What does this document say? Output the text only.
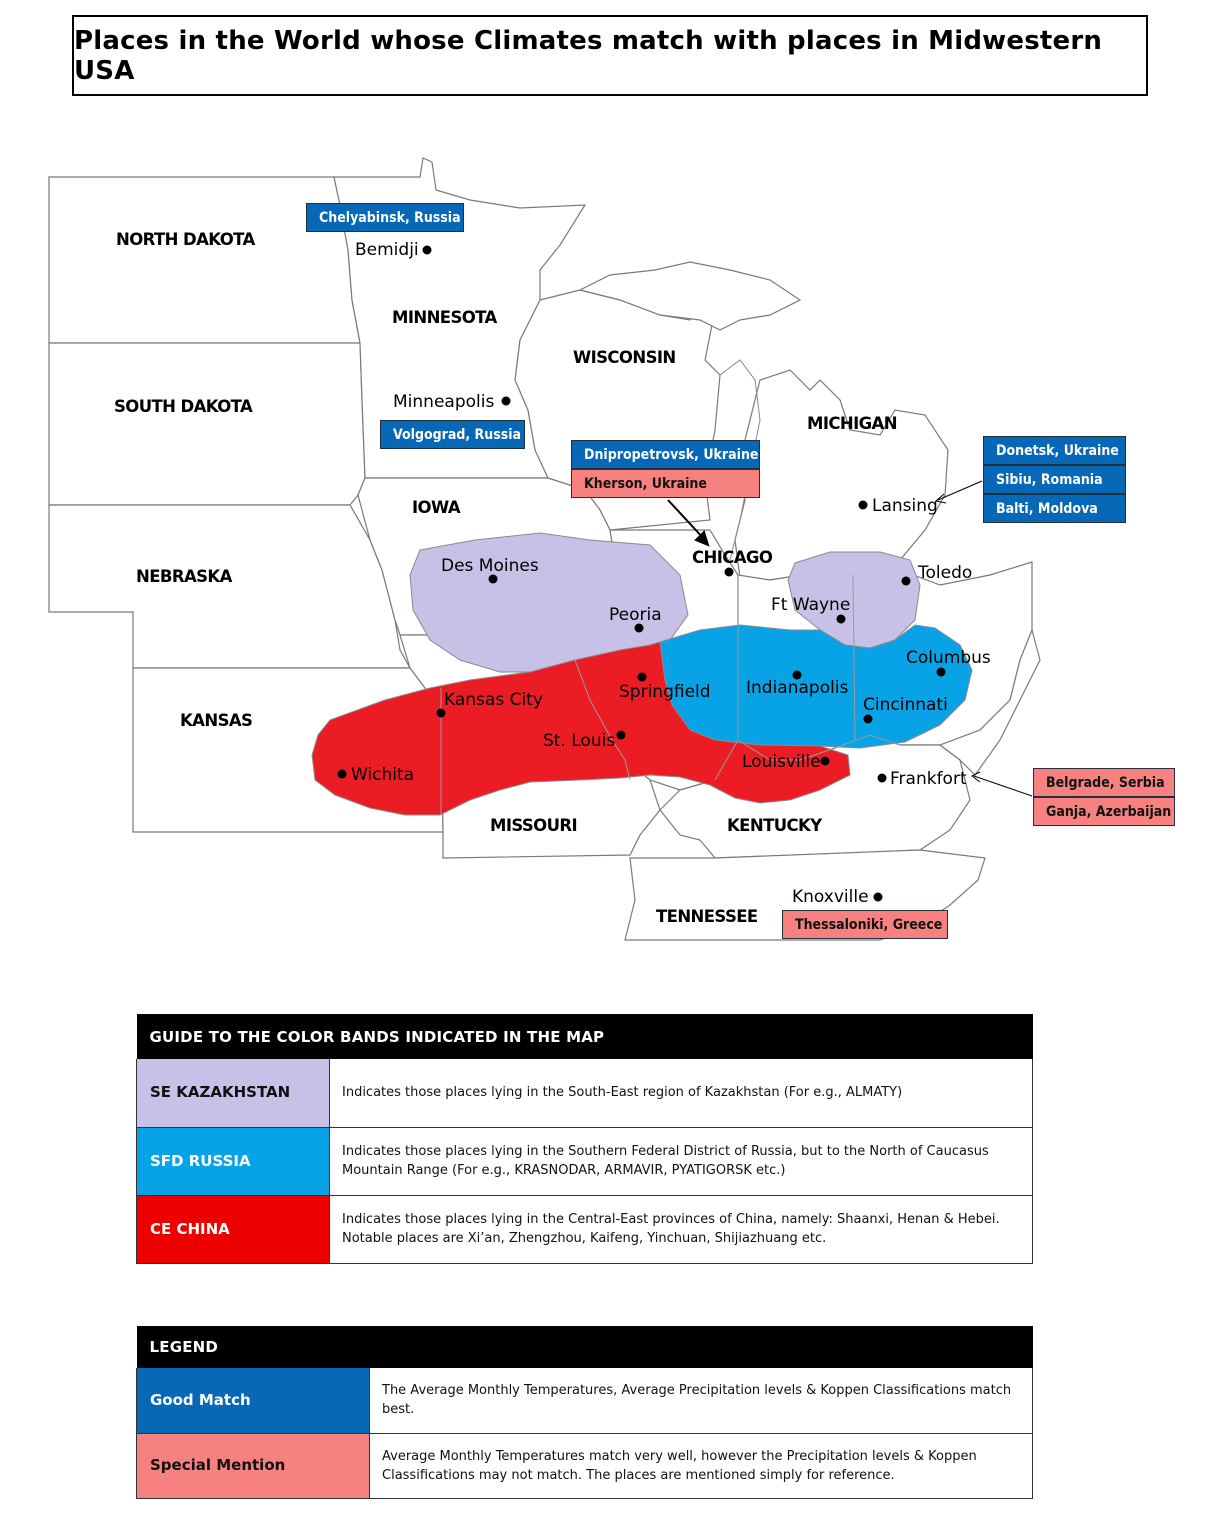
Places in the World whose Climates match with places in Midwestern USA
NORTH DAKOTA
SOUTH DAKOTA
NEBRASKA
KANSAS
MINNESOTA
IOWA
MISSOURI
WISCONSIN
MICHIGAN
KENTUCKY
TENNESSEE
Bemidji
Minneapolis
Des Moines
Peoria
CHICAGO
Lansing
Toledo
Ft Wayne
Columbus
Indianapolis
Springfield
Kansas City
St. Louis
Cincinnati
Wichita
Louisville
Frankfort
Knoxville
Chelyabinsk, Russia
Volgograd, Russia
Dnipropetrovsk, Ukraine
Kherson, Ukraine
Donetsk, Ukraine
Sibiu, Romania
Balti, Moldova
Belgrade, Serbia
Ganja, Azerbaijan
Thessaloniki, Greece
GUIDE TO THE COLOR BANDS INDICATED IN THE MAP	
SE KAZAKHSTAN	Indicates those places lying in the South-East region of Kazakhstan (For e.g., ALMATY)
SFD RUSSIA	Indicates those places lying in the Southern Federal District of Russia, but to the North of Caucasus Mountain Range (For e.g., KRASNODAR, ARMAVIR, PYATIGORSK etc.)
CE CHINA	Indicates those places lying in the Central-East provinces of China, namely: Shaanxi, Henan & Hebei. Notable places are Xi’an, Zhengzhou, Kaifeng, Yinchuan, Shijiazhuang etc.
LEGEND	
Good Match	The Average Monthly Temperatures, Average Precipitation levels & Koppen Classifications match best.
Special Mention	Average Monthly Temperatures match very well, however the Precipitation levels & Koppen Classifications may not match. The places are mentioned simply for reference.
